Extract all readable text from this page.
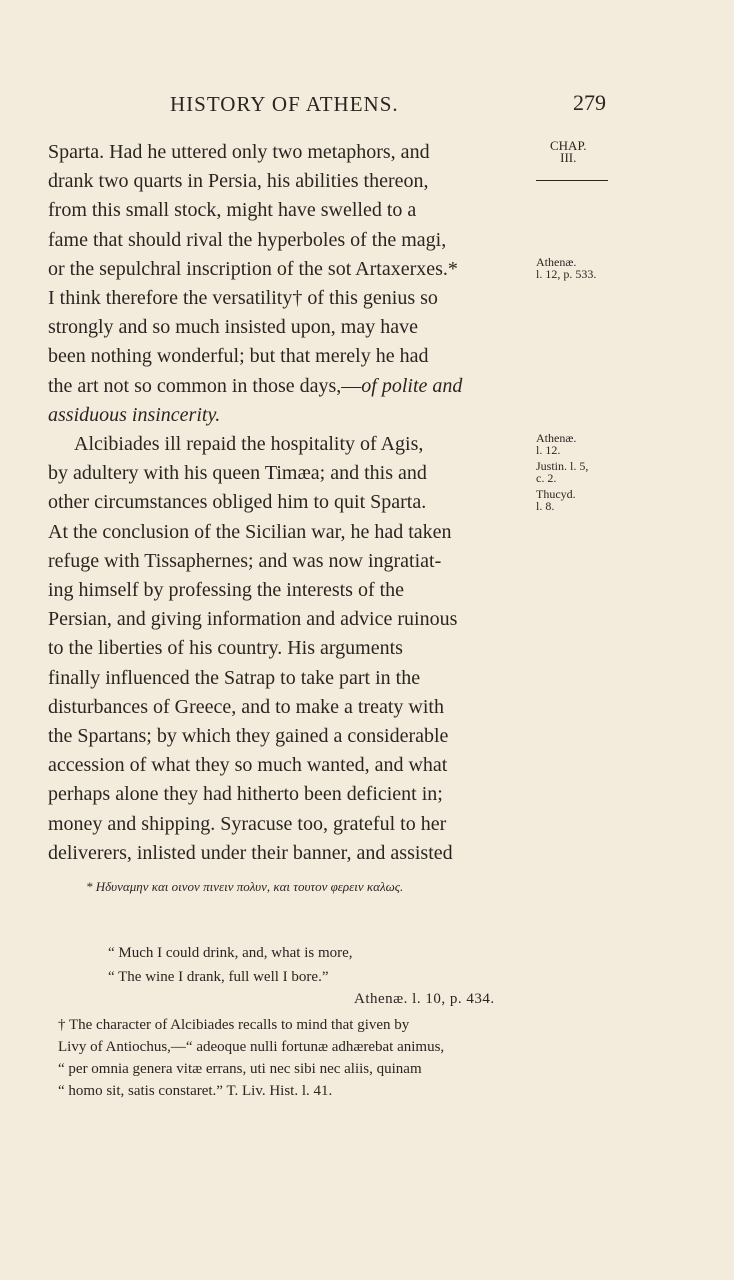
HISTORY OF ATHENS.	279
Sparta. Had he uttered only two metaphors, and
drank two quarts in Persia, his abilities thereon,
from this small stock, might have swelled to a
fame that should rival the hyperboles of the magi,
or the sepulchral inscription of the sot Artaxerxes.*
I think therefore the versatility† of this genius so
strongly and so much insisted upon, may have
been nothing wonderful; but that merely he had
the art not so common in those days,—of polite and
assiduous insincerity.
Alcibiades ill repaid the hospitality of Agis,
by adultery with his queen Timæa; and this and
other circumstances obliged him to quit Sparta.
At the conclusion of the Sicilian war, he had taken
refuge with Tissaphernes; and was now ingratiat-
ing himself by professing the interests of the
Persian, and giving information and advice ruinous
to the liberties of his country. His arguments
finally influenced the Satrap to take part in the
disturbances of Greece, and to make a treaty with
the Spartans; by which they gained a considerable
accession of what they so much wanted, and what
perhaps alone they had hitherto been deficient in;
money and shipping. Syracuse too, grateful to her
deliverers, inlisted under their banner, and assisted
CHAP.
III.
Athenæ.
l. 12, p. 533.
Athenæ.
l. 12.
Justin. l. 5,
c. 2.
Thucyd.
l. 8.
* Ηδυναμην και οινον πινειν πολυν, και τουτον φερειν καλως.
“ Much I could drink, and, what is more,
“ The wine I drank, full well I bore.”
Athenæ. l. 10, p. 434.
† The character of Alcibiades recalls to mind that given by
Livy of Antiochus,—“ adeoque nulli fortunæ adhærebat animus,
“ per omnia genera vitæ errans, uti nec sibi nec aliis, quinam
“ homo sit, satis constaret.” T. Liv. Hist. l. 41.
